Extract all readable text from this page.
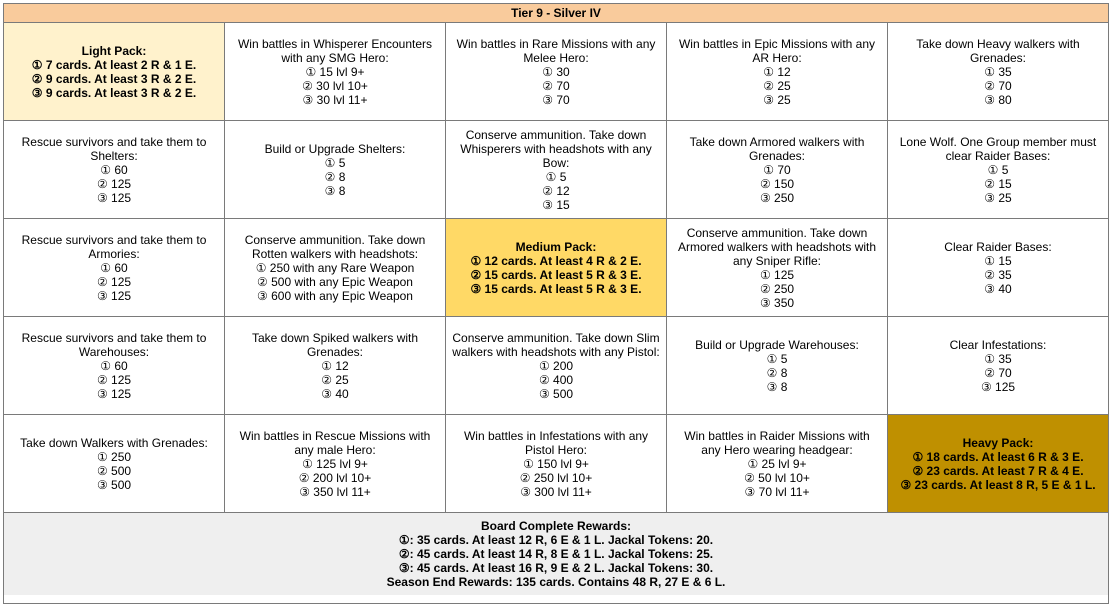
Tier 9 - Silver IV
Light Pack:
① 7 cards. At least 2 R & 1 E.
② 9 cards. At least 3 R & 2 E.
③ 9 cards. At least 3 R & 2 E.
Win battles in Whisperer Encounters with any SMG Hero:
① 15 lvl 9+
② 30 lvl 10+
③ 30 lvl 11+
Win battles in Rare Missions with any Melee Hero:
① 30
② 70
③ 70
Win battles in Epic Missions with any AR Hero:
① 12
② 25
③ 25
Take down Heavy walkers with Grenades:
① 35
② 70
③ 80
Rescue survivors and take them to Shelters:
① 60
② 125
③ 125
Build or Upgrade Shelters:
① 5
② 8
③ 8
Conserve ammunition. Take down Whisperers with headshots with any Bow:
① 5
② 12
③ 15
Take down Armored walkers with Grenades:
① 70
② 150
③ 250
Lone Wolf. One Group member must clear Raider Bases:
① 5
② 15
③ 25
Rescue survivors and take them to Armories:
① 60
② 125
③ 125
Conserve ammunition. Take down Rotten walkers with headshots:
① 250 with any Rare Weapon
② 500 with any Epic Weapon
③ 600 with any Epic Weapon
Medium Pack:
① 12 cards. At least 4 R & 2 E.
② 15 cards. At least 5 R & 3 E.
③ 15 cards. At least 5 R & 3 E.
Conserve ammunition. Take down Armored walkers with headshots with any Sniper Rifle:
① 125
② 250
③ 350
Clear Raider Bases:
① 15
② 35
③ 40
Rescue survivors and take them to Warehouses:
① 60
② 125
③ 125
Take down Spiked walkers with Grenades:
① 12
② 25
③ 40
Conserve ammunition. Take down Slim walkers with headshots with any Pistol:
① 200
② 400
③ 500
Build or Upgrade Warehouses:
① 5
② 8
③ 8
Clear Infestations:
① 35
② 70
③ 125
Take down Walkers with Grenades:
① 250
② 500
③ 500
Win battles in Rescue Missions with any male Hero:
① 125 lvl 9+
② 200 lvl 10+
③ 350 lvl 11+
Win battles in Infestations with any Pistol Hero:
① 150 lvl 9+
② 250 lvl 10+
③ 300 lvl 11+
Win battles in Raider Missions with any Hero wearing headgear:
① 25 lvl 9+
② 50 lvl 10+
③ 70 lvl 11+
Heavy Pack:
① 18 cards. At least 6 R & 3 E.
② 23 cards. At least 7 R & 4 E.
③ 23 cards. At least 8 R, 5 E & 1 L.
Board Complete Rewards:
①: 35 cards. At least 12 R, 6 E & 1 L. Jackal Tokens: 20.
②: 45 cards. At least 14 R, 8 E & 1 L. Jackal Tokens: 25.
③: 45 cards. At least 16 R, 9 E & 2 L. Jackal Tokens: 30.
Season End Rewards: 135 cards. Contains 48 R, 27 E & 6 L.
